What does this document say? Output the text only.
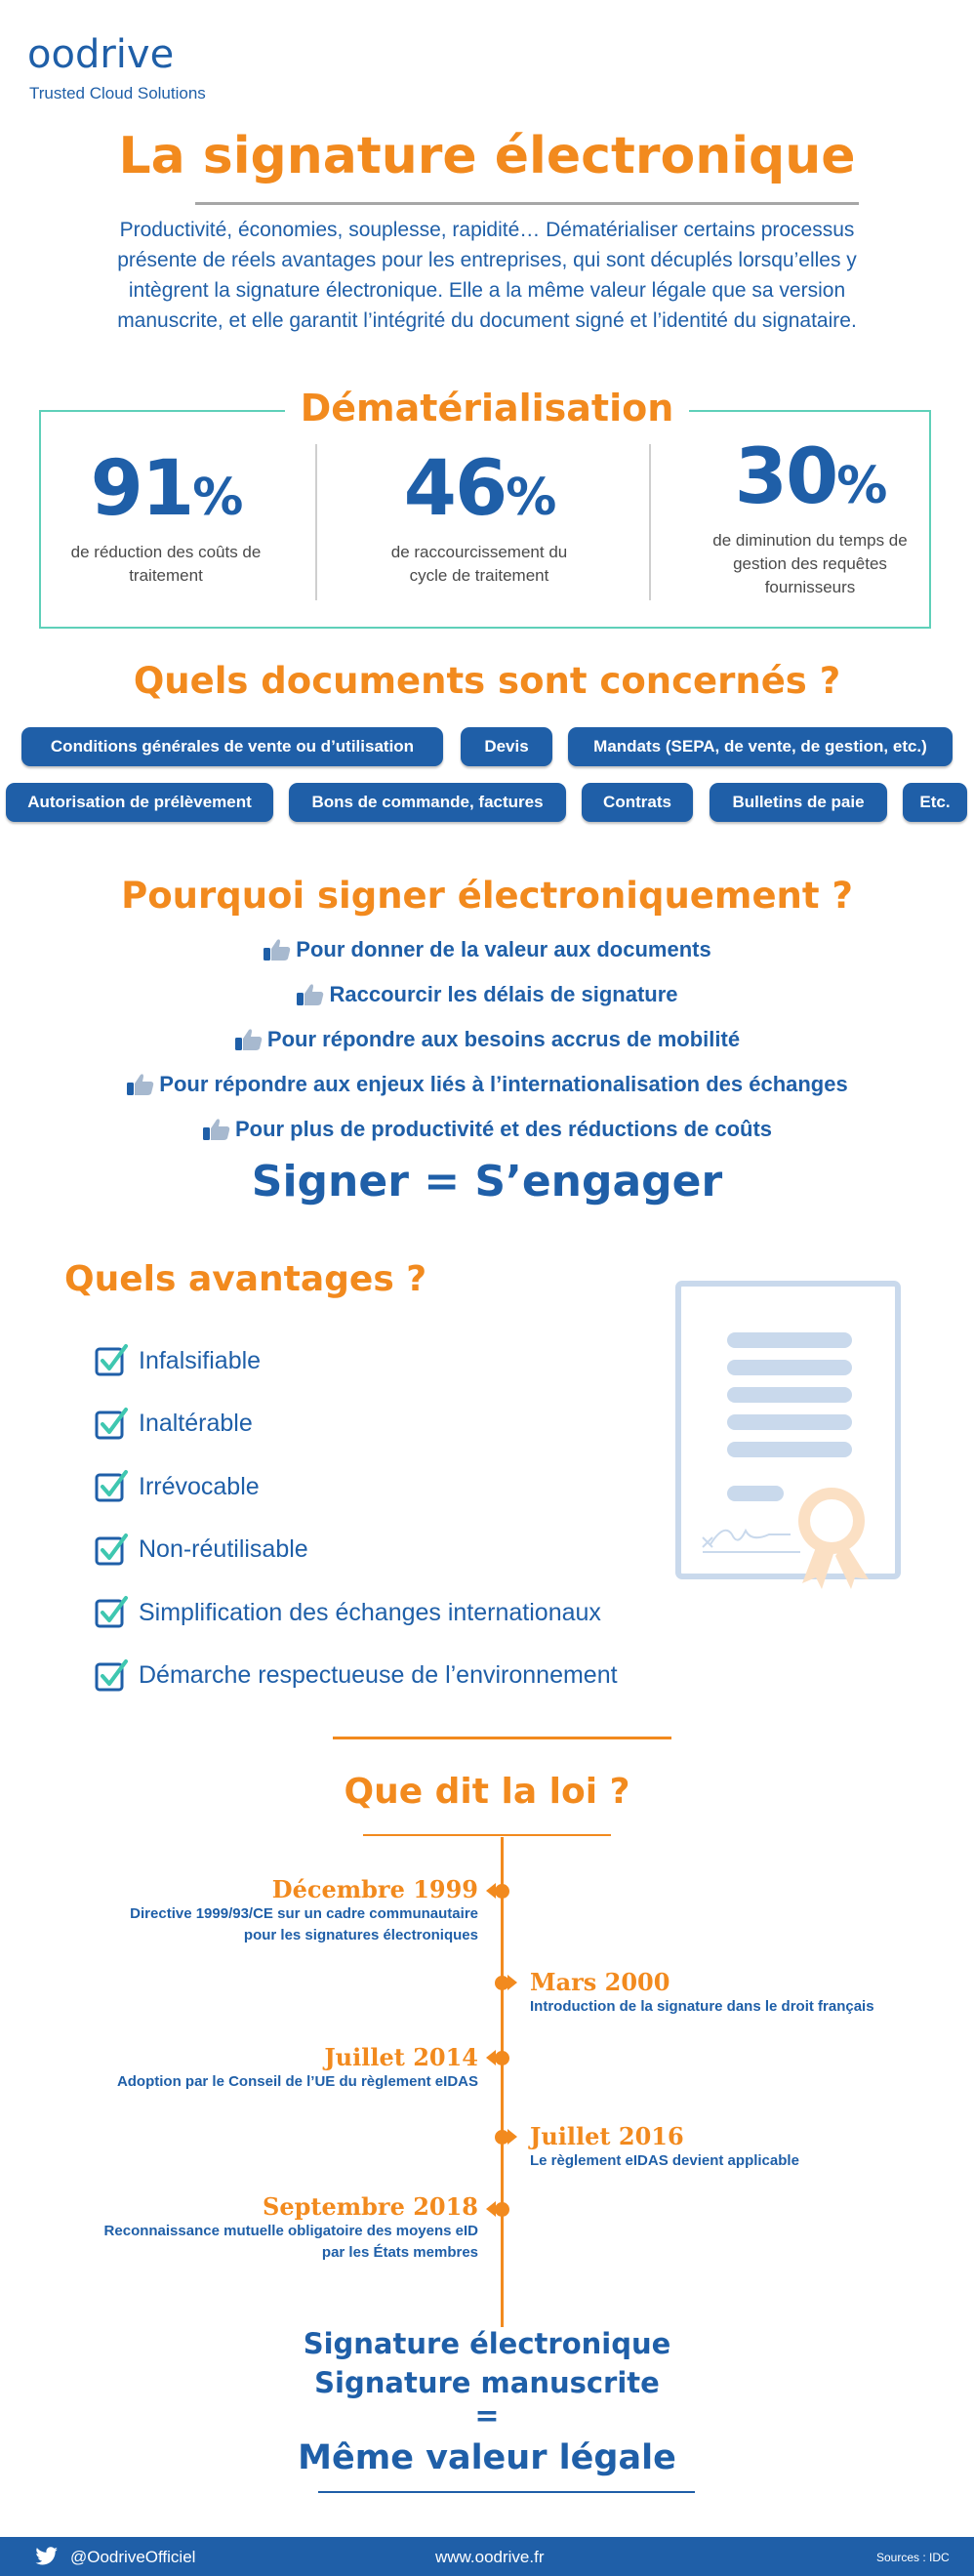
oodrive
Trusted Cloud Solutions
La signature électronique
Productivité, économies, souplesse, rapidité… Dématérialiser certains processus présente de réels avantages pour les entreprises, qui sont décuplés lorsqu’elles y intègrent la signature électronique. Elle a la même valeur légale que sa version manuscrite, et elle garantit l’intégrité du document signé et l’identité du signataire.
Dématérialisation
91%
de réduction des coûts de traitement
46%
de raccourcissement du cycle de traitement
30%
de diminution du temps de gestion des requêtes fournisseurs
Quels documents sont concernés ?
Conditions générales de vente ou d’utilisation	Devis	Mandats (SEPA, de vente, de gestion, etc.)
Autorisation de prélèvement	Bons de commande, factures	Contrats	Bulletins de paie	Etc.
Pourquoi signer électroniquement ?
Pour donner de la valeur aux documents
Raccourcir les délais de signature
Pour répondre aux besoins accrus de mobilité
Pour répondre aux enjeux liés à l’internationalisation des échanges
Pour plus de productivité et des réductions de coûts
Signer = S’engager
Quels avantages ?
Infalsifiable
Inaltérable
Irrévocable
Non-réutilisable
Simplification des échanges internationaux
Démarche respectueuse de l’environnement
Que dit la loi ?
Décembre 1999
Directive 1999/93/CE sur un cadre communautaire
pour les signatures électroniques
Mars 2000
Introduction de la signature dans le droit français
Juillet 2014
Adoption par le Conseil de l’UE du règlement eIDAS
Juillet 2016
Le règlement eIDAS devient applicable
Septembre 2018
Reconnaissance mutuelle obligatoire des moyens eID
par les États membres
Signature électronique
Signature manuscrite
=
Même valeur légale
@OodriveOfficiel	www.oodrive.fr	Sources : IDC
